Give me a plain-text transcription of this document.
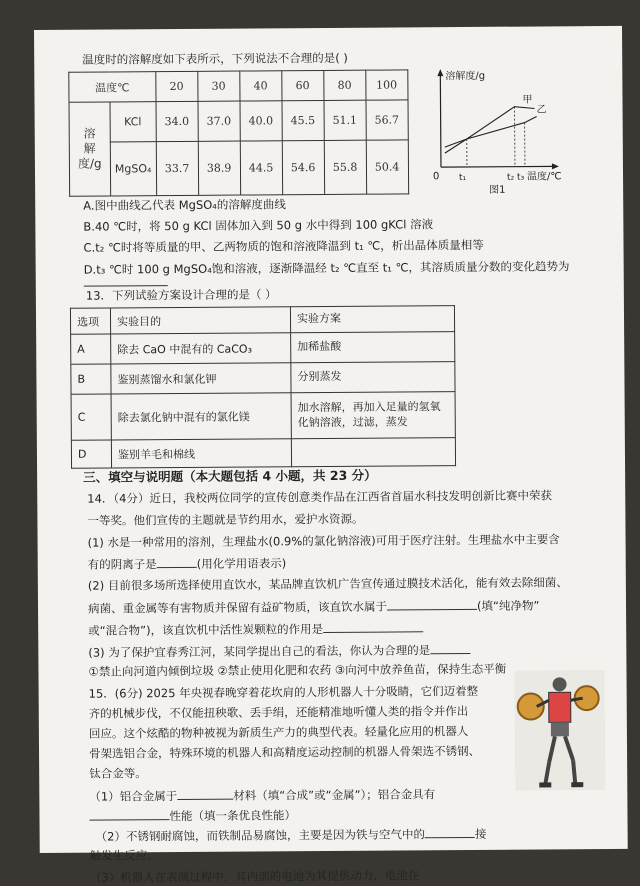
温度时的溶解度如下表所示，下列说法不合理的是( )
温度℃		20	30	40	60	80	100
溶解度/g	KCl	34.0	37.0	40.0	45.5	51.1	56.7
	MgSO₄	33.7	38.9	44.5	54.6	55.8	50.4
溶解度/g
0 t₁	t₂ t₃ 温度/℃
图1
甲
乙
A.图中曲线乙代表 MgSO₄的溶解度曲线
B.40 ℃时，将 50 g KCl 固体加入到 50 g 水中得到 100 gKCl 溶液
C.t₂ ℃时将等质量的甲、乙两物质的饱和溶液降温到 t₁ ℃，析出晶体质量相等
D.t₃ ℃时 100 g MgSO₄饱和溶液，逐渐降温经 t₂ ℃直至 t₁ ℃，其溶质质量分数的变化趋势为
13．下列试验方案设计合理的是（ ）
选项	实验目的	实验方案
A	除去 CaO 中混有的 CaCO₃	加稀盐酸
B	鉴别蒸馏水和氯化钾	分别蒸发
C	除去氯化钠中混有的氯化镁	加水溶解，再加入足量的氢氧化钠溶液，过滤，蒸发
D	鉴别羊毛和棉线	
三、填空与说明题（本大题包括 4 小题，共 23 分）
14．（4分）近日，我校两位同学的宣传创意类作品在江西省首届水科技发明创新比赛中荣获
一等奖。他们宣传的主题就是节约用水，爱护水资源。
(1) 水是一种常用的溶剂，生理盐水(0.9%的氯化钠溶液)可用于医疗注射。生理盐水中主要含
有的阴离子是	(用化学用语表示)
(2) 目前很多场所选择使用直饮水，某品牌直饮机广告宣传通过膜技术活化，能有效去除细菌、
病菌、重金属等有害物质并保留有益矿物质，该直饮水属于	(填“纯净物”
或“混合物”)，该直饮机中活性炭颗粒的作用是
(3) 为了保护宜春秀江河，某同学提出自己的看法，你认为合理的是
①禁止向河道内倾倒垃圾 ②禁止使用化肥和农药 ③向河中放养鱼苗，保持生态平衡
15．(6分) 2025 年央视春晚穿着花坎肩的人形机器人十分吸睛，它们迈着整
齐的机械步伐，不仅能扭秧歌、丢手绢，还能精准地听懂人类的指令并作出
回应。这个炫酷的物种被视为新质生产力的典型代表。轻量化应用的机器人
骨架选铝合金，特殊环境的机器人和高精度运动控制的机器人骨架选不锈钢、
钛合金等。
（1）铝合金属于	材料（填“合成”或“金属”）；铝合金具有
性能（填一条优良性能）
（2）不锈钢耐腐蚀，而铁制品易腐蚀，主要是因为铁与空气中的	接
触发生反应。
（3）机器人在表演过程中，其内部的电池为其提供动力，电池在
